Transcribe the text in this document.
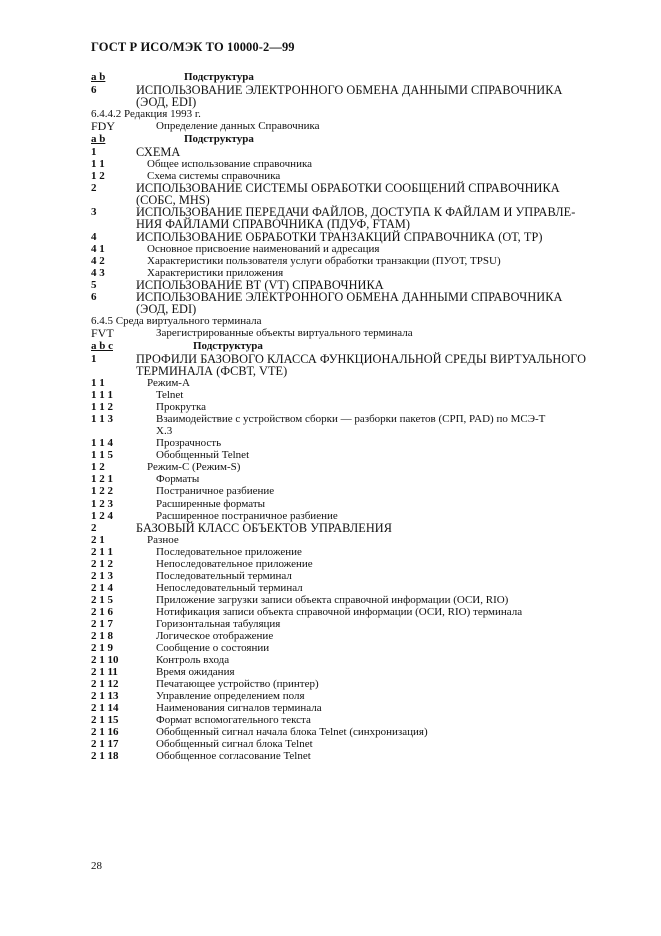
ГОСТ Р ИСО/МЭК ТО 10000-2—99
a b	Подструктура
6	ИСПОЛЬЗОВАНИЕ ЭЛЕКТРОННОГО ОБМЕНА ДАННЫМИ СПРАВОЧНИКА
(ЭОД, EDI)
6.4.4.2 Редакция 1993 г.
FDY	Определение данных Справочника
a b	Подструктура
1	СХЕМА
1 1	Общее использование справочника
1 2	Схема системы справочника
2	ИСПОЛЬЗОВАНИЕ СИСТЕМЫ ОБРАБОТКИ СООБЩЕНИЙ СПРАВОЧНИКА
(СОБС, MHS)
3	ИСПОЛЬЗОВАНИЕ ПЕРЕДАЧИ ФАЙЛОВ, ДОСТУПА К ФАЙЛАМ И УПРАВЛЕ-
НИЯ ФАЙЛАМИ СПРАВОЧНИКА (ПДУФ, FTAM)
4	ИСПОЛЬЗОВАНИЕ ОБРАБОТКИ ТРАНЗАКЦИЙ СПРАВОЧНИКА (ОТ, TP)
4 1	Основное присвоение наименований и адресация
4 2	Характеристики пользователя услуги обработки транзакции (ПУОТ, TPSU)
4 3	Характеристики приложения
5	ИСПОЛЬЗОВАНИЕ ВТ (VT) СПРАВОЧНИКА
6	ИСПОЛЬЗОВАНИЕ ЭЛЕКТРОННОГО ОБМЕНА ДАННЫМИ СПРАВОЧНИКА
(ЭОД, EDI)
6.4.5 Среда виртуального терминала
FVT	Зарегистрированные объекты виртуального терминала
a b c	Подструктура
1	ПРОФИЛИ БАЗОВОГО КЛАССА ФУНКЦИОНАЛЬНОЙ СРЕДЫ ВИРТУАЛЬНОГО
ТЕРМИНАЛА (ФСВТ, VTE)
1 1	Режим-А
1 1 1	Telnet
1 1 2	Прокрутка
1 1 3	Взаимодействие с устройством сборки — разборки пакетов (СРП, PAD) по МСЭ-Т
Х.3
1 1 4	Прозрачность
1 1 5	Обобщенный Telnet
1 2	Режим-С (Режим-S)
1 2 1	Форматы
1 2 2	Постраничное разбиение
1 2 3	Расширенные форматы
1 2 4	Расширенное постраничное разбиение
2	БАЗОВЫЙ КЛАСС ОБЪЕКТОВ УПРАВЛЕНИЯ
2 1	Разное
2 1 1	Последовательное приложение
2 1 2	Непоследовательное приложение
2 1 3	Последовательный терминал
2 1 4	Непоследовательный терминал
2 1 5	Приложение загрузки записи объекта справочной информации (ОСИ, RIO)
2 1 6	Нотификация записи объекта справочной информации (ОСИ, RIO) терминала
2 1 7	Горизонтальная табуляция
2 1 8	Логическое отображение
2 1 9	Сообщение о состоянии
2 1 10	Контроль входа
2 1 11	Время ожидания
2 1 12	Печатающее устройство (принтер)
2 1 13	Управление определением поля
2 1 14	Наименования сигналов терминала
2 1 15	Формат вспомогательного текста
2 1 16	Обобщенный сигнал начала блока Telnet (синхронизация)
2 1 17	Обобщенный сигнал блока Telnet
2 1 18	Обобщенное согласование Telnet
28
